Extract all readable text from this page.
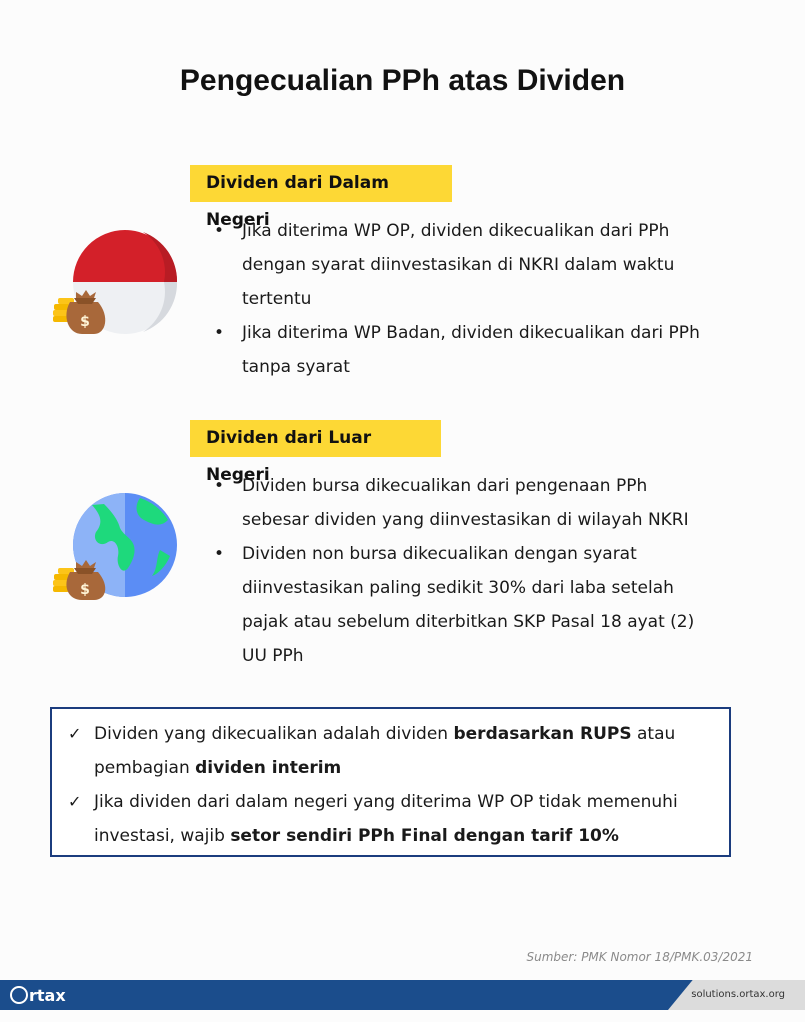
Pengecualian PPh atas Dividen
Dividen dari Dalam Negeri
$
• Jika diterima WP OP, dividen dikecualikan dari PPh
dengan syarat diinvestasikan di NKRI dalam waktu
tertentu
• Jika diterima WP Badan, dividen dikecualikan dari PPh
tanpa syarat
Dividen dari Luar Negeri
$
• Dividen bursa dikecualikan dari pengenaan PPh
sebesar dividen yang diinvestasikan di wilayah NKRI
• Dividen non bursa dikecualikan dengan syarat
diinvestasikan paling sedikit 30% dari laba setelah
pajak atau sebelum diterbitkan SKP Pasal 18 ayat (2)
UU PPh
✓ Dividen yang dikecualikan adalah dividen berdasarkan RUPS atau
pembagian dividen interim
✓ Jika dividen dari dalam negeri yang diterima WP OP tidak memenuhi
investasi, wajib setor sendiri PPh Final dengan tarif 10%
Sumber: PMK Nomor 18/PMK.03/2021
rtax	solutions.ortax.org
